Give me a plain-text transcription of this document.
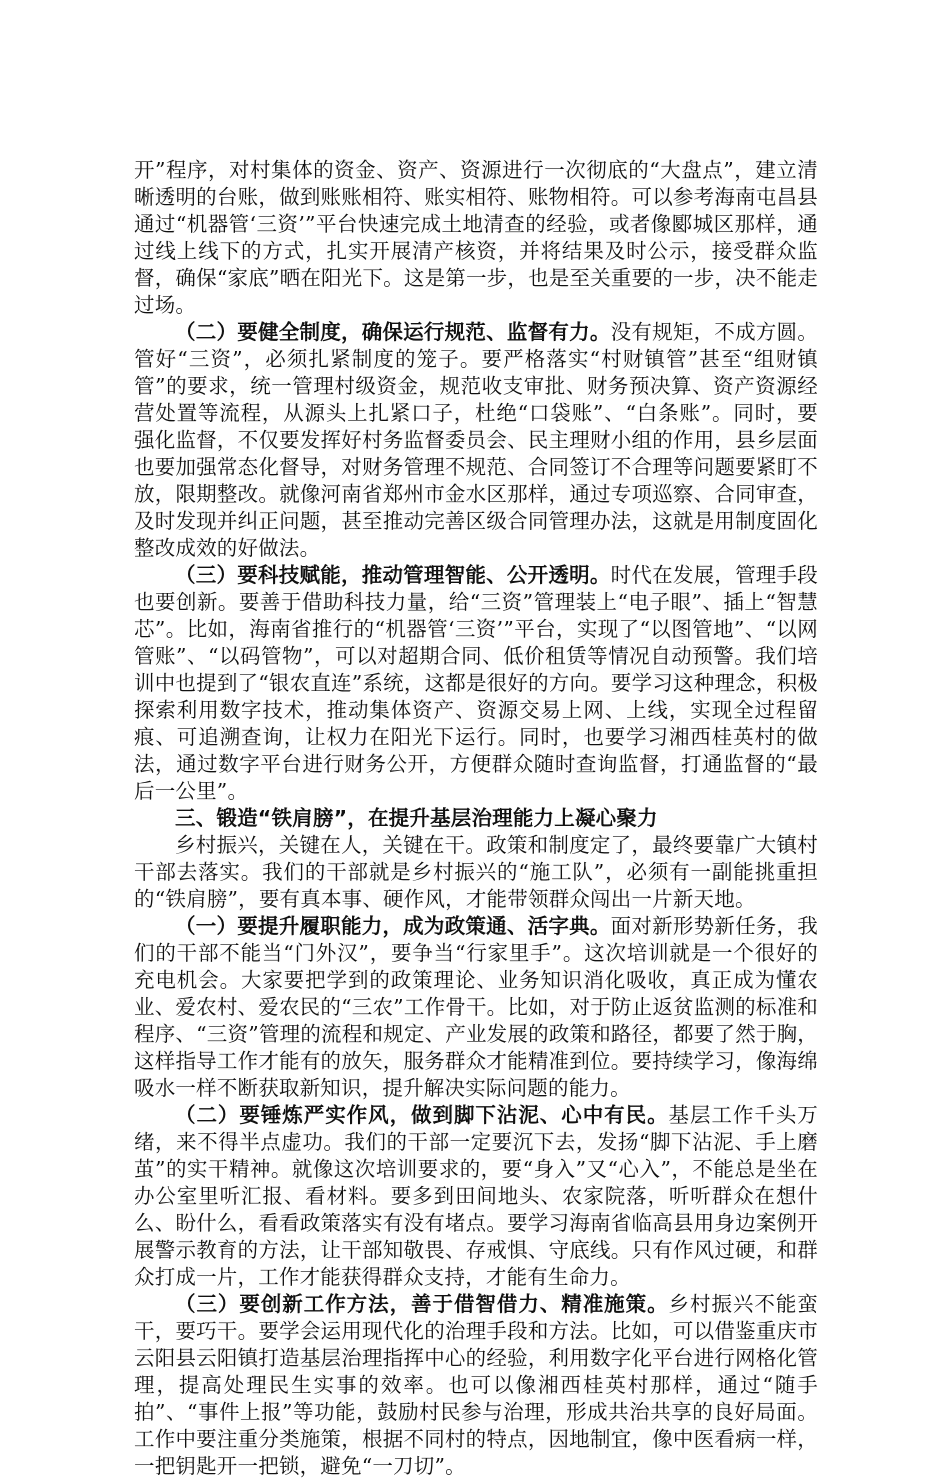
开”程序，对村集体的资金、资产、资源进行一次彻底的“大盘点”，建立清晰透明的台账，做到账账相符、账实相符、账物相符。可以参考海南屯昌县通过“机器管‘三资’”平台快速完成土地清查的经验，或者像郾城区那样，通过线上线下的方式，扎实开展清产核资，并将结果及时公示，接受群众监督，确保“家底”晒在阳光下。这是第一步，也是至关重要的一步，决不能走过场。

（二）要健全制度，确保运行规范、监督有力。没有规矩，不成方圆。管好“三资”，必须扎紧制度的笼子。要严格落实“村财镇管”甚至“组财镇管”的要求，统一管理村级资金，规范收支审批、财务预决算、资产资源经营处置等流程，从源头上扎紧口子，杜绝“口袋账”、“白条账”。同时，要强化监督，不仅要发挥好村务监督委员会、民主理财小组的作用，县乡层面也要加强常态化督导，对财务管理不规范、合同签订不合理等问题要紧盯不放，限期整改。就像河南省郑州市金水区那样，通过专项巡察、合同审查，及时发现并纠正问题，甚至推动完善区级合同管理办法，这就是用制度固化整改成效的好做法。

（三）要科技赋能，推动管理智能、公开透明。时代在发展，管理手段也要创新。要善于借助科技力量，给“三资”管理装上“电子眼”、插上“智慧芯”。比如，海南省推行的“机器管‘三资’”平台，实现了“以图管地”、“以网管账”、“以码管物”，可以对超期合同、低价租赁等情况自动预警。我们培训中也提到了“银农直连”系统，这都是很好的方向。要学习这种理念，积极探索利用数字技术，推动集体资产、资源交易上网、上线，实现全过程留痕、可追溯查询，让权力在阳光下运行。同时，也要学习湘西桂英村的做法，通过数字平台进行财务公开，方便群众随时查询监督，打通监督的“最后一公里”。

三、锻造“铁肩膀”，在提升基层治理能力上凝心聚力

乡村振兴，关键在人，关键在干。政策和制度定了，最终要靠广大镇村干部去落实。我们的干部就是乡村振兴的“施工队”，必须有一副能挑重担的“铁肩膀”，要有真本事、硬作风，才能带领群众闯出一片新天地。

（一）要提升履职能力，成为政策通、活字典。面对新形势新任务，我们的干部不能当“门外汉”，要争当“行家里手”。这次培训就是一个很好的充电机会。大家要把学到的政策理论、业务知识消化吸收，真正成为懂农业、爱农村、爱农民的“三农”工作骨干。比如，对于防止返贫监测的标准和程序、“三资”管理的流程和规定、产业发展的政策和路径，都要了然于胸，这样指导工作才能有的放矢，服务群众才能精准到位。要持续学习，像海绵吸水一样不断获取新知识，提升解决实际问题的能力。

（二）要锤炼严实作风，做到脚下沾泥、心中有民。基层工作千头万绪，来不得半点虚功。我们的干部一定要沉下去，发扬“脚下沾泥、手上磨茧”的实干精神。就像这次培训要求的，要“身入”又“心入”，不能总是坐在办公室里听汇报、看材料。要多到田间地头、农家院落，听听群众在想什么、盼什么，看看政策落实有没有堵点。要学习海南省临高县用身边案例开展警示教育的方法，让干部知敬畏、存戒惧、守底线。只有作风过硬，和群众打成一片，工作才能获得群众支持，才能有生命力。

（三）要创新工作方法，善于借智借力、精准施策。乡村振兴不能蛮干，要巧干。要学会运用现代化的治理手段和方法。比如，可以借鉴重庆市云阳县云阳镇打造基层治理指挥中心的经验，利用数字化平台进行网格化管理，提高处理民生实事的效率。也可以像湘西桂英村那样，通过“随手拍”、“事件上报”等功能，鼓励村民参与治理，形成共治共享的良好局面。工作中要注重分类施策，根据不同村的特点，因地制宜，像中医看病一样，一把钥匙开一把锁，避免“一刀切”。
